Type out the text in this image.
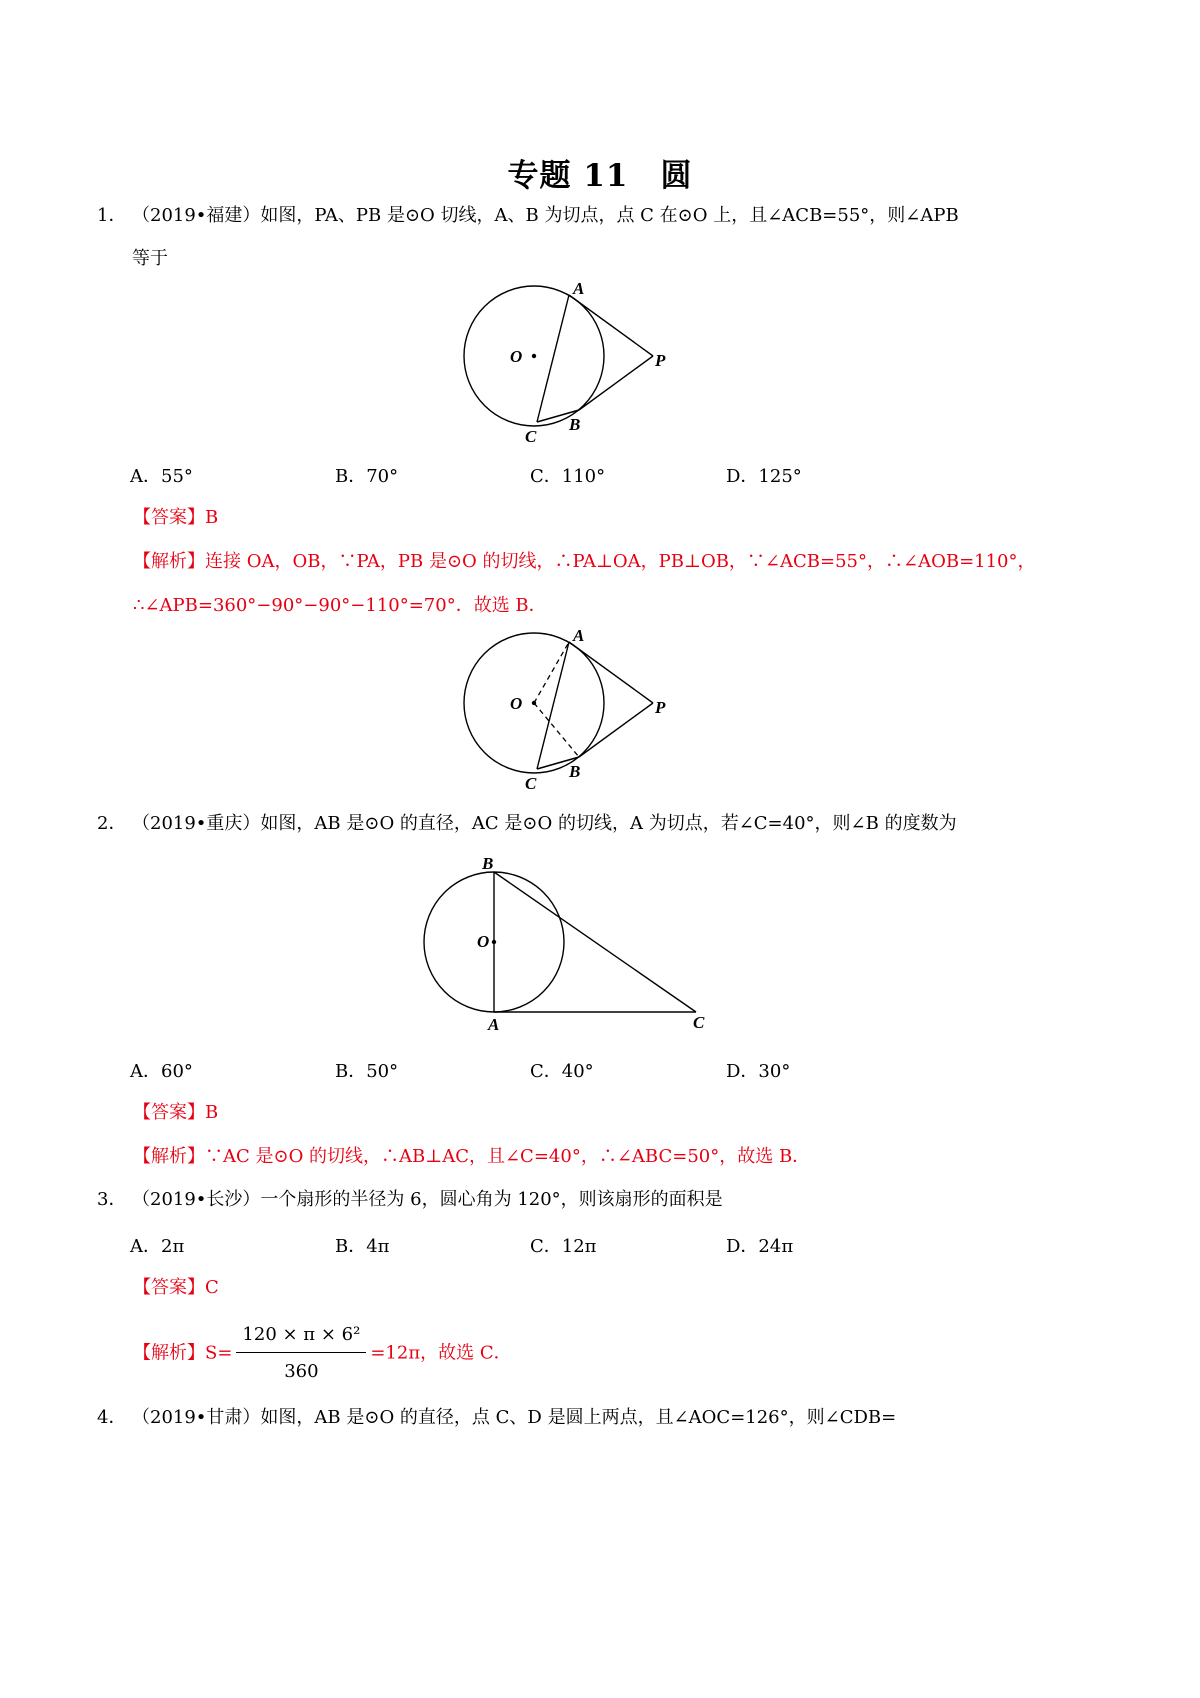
专题 11　圆
1． （2019•福建）如图，PA、PB 是⊙O 切线，A、B 为切点，点 C 在⊙O 上，且∠ACB=55°，则∠APB
等于
O
A
P
B
C
A．55°	B．70°	C．110°	D．125°
【答案】B
【解析】连接 OA，OB，∵PA，PB 是⊙O 的切线，∴PA⊥OA，PB⊥OB，∵∠ACB=55°，∴∠AOB=110°，
∴∠APB=360°−90°−90°−110°=70°．故选 B．
O
A
P
B
C
2． （2019•重庆）如图，AB 是⊙O 的直径，AC 是⊙O 的切线，A 为切点，若∠C=40°，则∠B 的度数为
O
B
A	C
A．60°	B．50°	C．40°	D．30°
【答案】B
【解析】∵AC 是⊙O 的切线，∴AB⊥AC，且∠C=40°，∴∠ABC=50°，故选 B．
3． （2019•长沙）一个扇形的半径为 6，圆心角为 120°，则该扇形的面积是
A．2π	B．4π	C．12π	D．24π
【答案】C
【解析】$S= \frac{\text{120 × π × 6²}}{360} =12\pi$，故选 C．
4． （2019•甘肃）如图，AB 是⊙O 的直径，点 C、D 是圆上两点，且∠AOC=126°，则∠CDB=
